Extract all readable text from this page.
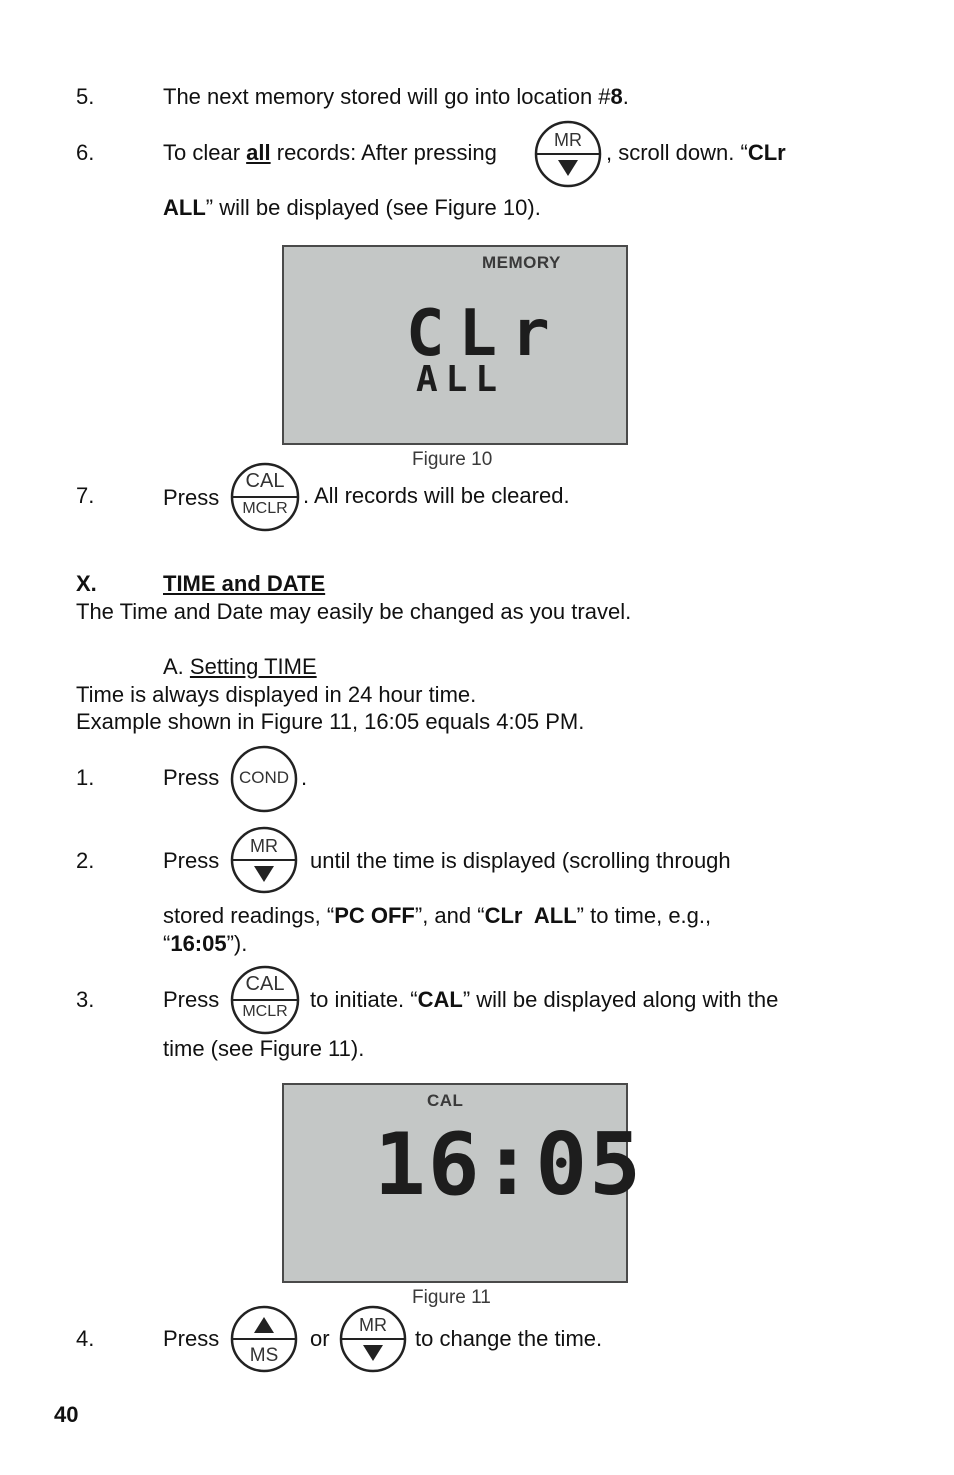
5.	The next memory stored will go into location #8.
6.	To clear all records: After pressing	MR	, scroll down. “CLr
ALL” will be displayed (see Figure 10).
MEMORY
CLr
ALL
Figure 10
7.	Press
CAL
MCLR
. All records will be cleared.
X.	TIME and DATE
The Time and Date may easily be changed as you travel.
A. Setting TIME
Time is always displayed in 24 hour time.
Example shown in Figure 11, 16:05 equals 4:05 PM.
1.	Press	COND .
2.	Press
MR
until the time is displayed (scrolling through
stored readings, “PC OFF”, and “CLr  ALL” to time, e.g.,
“16:05”).
3.	Press
CAL
MCLR	to initiate. “CAL” will be displayed along with the
time (see Figure 11).
CAL
16:05
Figure 11
4.	Press
MS
or
MR
to change the time.
40
